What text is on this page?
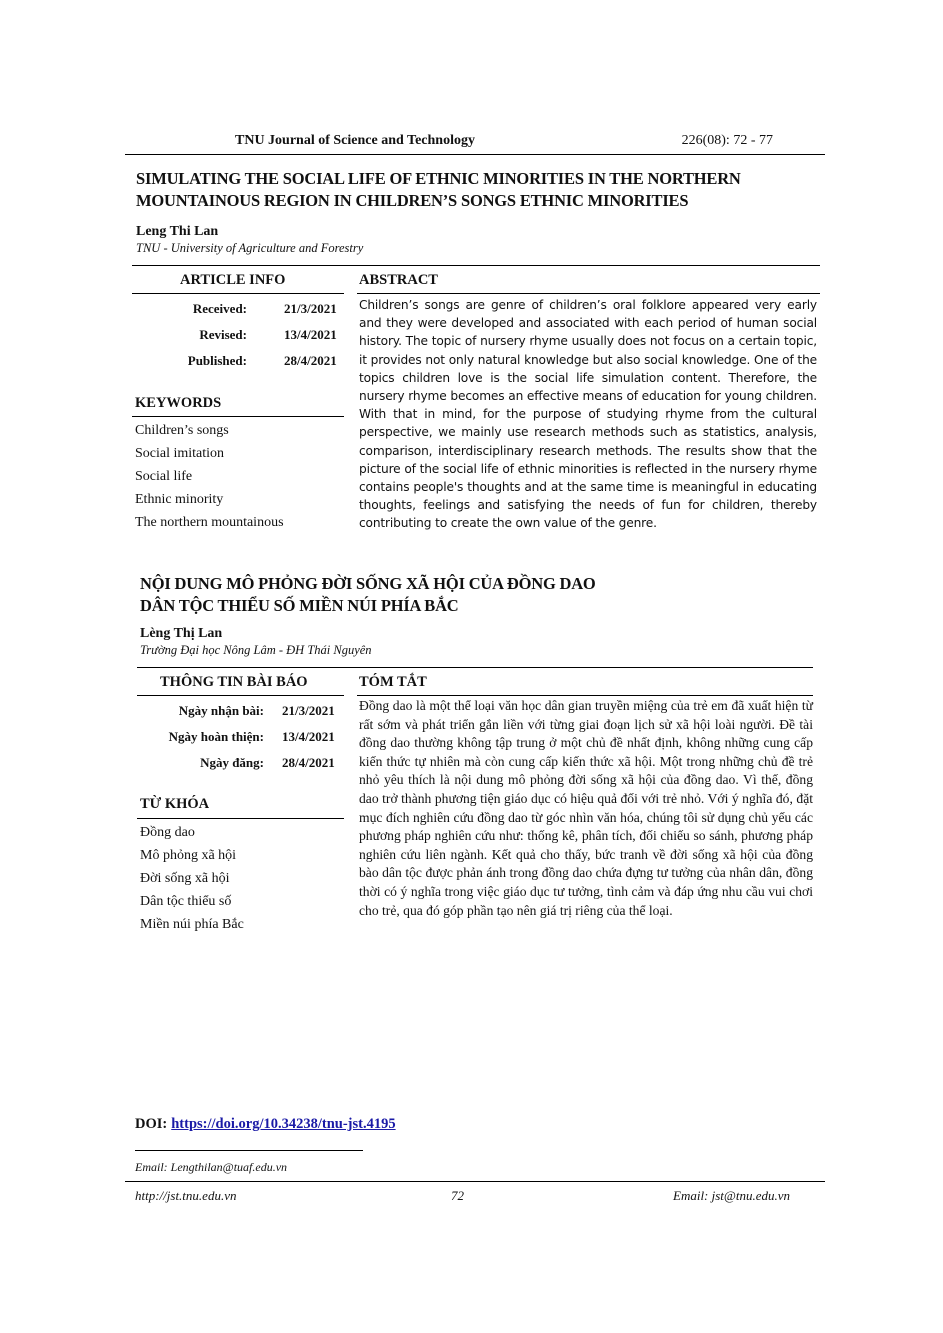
TNU Journal of Science and Technology	226(08): 72 - 77
SIMULATING THE SOCIAL LIFE OF ETHNIC MINORITIES IN THE NORTHERN
MOUNTAINOUS REGION IN CHILDREN’S SONGS ETHNIC MINORITIES
Leng Thi Lan
TNU - University of Agriculture and Forestry
ARTICLE INFO	ABSTRACT
Received:	21/3/2021
Revised:	13/4/2021
Published:	28/4/2021
KEYWORDS
Children’s songs
Social imitation
Social life
Ethnic minority
The northern mountainous
Children’s songs are genre of children’s oral folklore appeared very early and they were developed and associated with each period of human social history. The topic of nursery rhyme usually does not focus on a certain topic, it provides not only natural knowledge but also social knowledge. One of the topics children love is the social life simulation content. Therefore, the nursery rhyme becomes an effective means of education for young children. With that in mind, for the purpose of studying rhyme from the cultural perspective, we mainly use research methods such as statistics, analysis, comparison, interdisciplinary research methods. The results show that the picture of the social life of ethnic minorities is reflected in the nursery rhyme contains people's thoughts and at the same time is meaningful in educating thoughts, feelings and satisfying the needs of fun for children, thereby contributing to create the own value of the genre.
NỘI DUNG MÔ PHỎNG ĐỜI SỐNG XÃ HỘI CỦA ĐỒNG DAO
DÂN TỘC THIỂU SỐ MIỀN NÚI PHÍA BẮC
Lèng Thị Lan
Trường Đại học Nông Lâm - ĐH Thái Nguyên
THÔNG TIN BÀI BÁO	TÓM TẮT
Ngày nhận bài: 21/3/2021
Ngày hoàn thiện: 13/4/2021
Ngày đăng: 28/4/2021
TỪ KHÓA
Đồng dao
Mô phỏng xã hội
Đời sống xã hội
Dân tộc thiểu số
Miền núi phía Bắc
Đồng dao là một thể loại văn học dân gian truyền miệng của trẻ em đã xuất hiện từ rất sớm và phát triển gắn liền với từng giai đoạn lịch sử xã hội loài người. Đề tài đồng dao thường không tập trung ở một chủ đề nhất định, không những cung cấp kiến thức tự nhiên mà còn cung cấp kiến thức xã hội. Một trong những chủ đề trẻ nhỏ yêu thích là nội dung mô phỏng đời sống xã hội của đồng dao. Vì thế, đồng dao trở thành phương tiện giáo dục có hiệu quả đối với trẻ nhỏ. Với ý nghĩa đó, đặt mục đích nghiên cứu đồng dao từ góc nhìn văn hóa, chúng tôi sử dụng chủ yếu các phương pháp nghiên cứu như: thống kê, phân tích, đối chiếu so sánh, phương pháp nghiên cứu liên ngành. Kết quả cho thấy, bức tranh về đời sống xã hội của đồng bào dân tộc được phản ánh trong đồng dao chứa đựng tư tưởng của nhân dân, đồng thời có ý nghĩa trong việc giáo dục tư tưởng, tình cảm và đáp ứng nhu cầu vui chơi cho trẻ, qua đó góp phần tạo nên giá trị riêng của thể loại.
DOI: https://doi.org/10.34238/tnu-jst.4195
Email: Lengthilan@tuaf.edu.vn
http://jst.tnu.edu.vn	72	Email: jst@tnu.edu.vn
